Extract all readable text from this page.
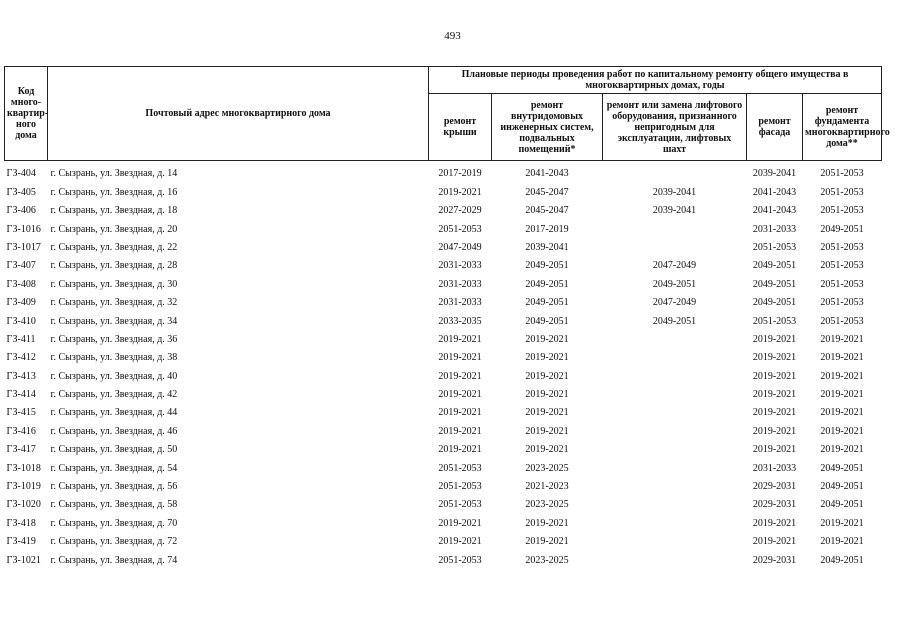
493
Код много-квартир-ного дома	Почтовый адрес многоквартирного дома	Плановые периоды проведения работ по капитальному ремонту общего имущества в многоквартирных домах, годы				
		ремонт крыши	ремонт внутридомовых инженерных систем, подвальных помещений*	ремонт или замена лифтового оборудования, признанного непригодным для эксплуатации, лифтовых шахт	ремонт фасада	ремонт фундамента многоквартирного дома**
ГЗ-404	г. Сызрань, ул. Звездная, д. 14	2017-2019	2041-2043		2039-2041	2051-2053
ГЗ-405	г. Сызрань, ул. Звездная, д. 16	2019-2021	2045-2047	2039-2041	2041-2043	2051-2053
ГЗ-406	г. Сызрань, ул. Звездная, д. 18	2027-2029	2045-2047	2039-2041	2041-2043	2051-2053
ГЗ-1016	г. Сызрань, ул. Звездная, д. 20	2051-2053	2017-2019		2031-2033	2049-2051
ГЗ-1017	г. Сызрань, ул. Звездная, д. 22	2047-2049	2039-2041		2051-2053	2051-2053
ГЗ-407	г. Сызрань, ул. Звездная, д. 28	2031-2033	2049-2051	2047-2049	2049-2051	2051-2053
ГЗ-408	г. Сызрань, ул. Звездная, д. 30	2031-2033	2049-2051	2049-2051	2049-2051	2051-2053
ГЗ-409	г. Сызрань, ул. Звездная, д. 32	2031-2033	2049-2051	2047-2049	2049-2051	2051-2053
ГЗ-410	г. Сызрань, ул. Звездная, д. 34	2033-2035	2049-2051	2049-2051	2051-2053	2051-2053
ГЗ-411	г. Сызрань, ул. Звездная, д. 36	2019-2021	2019-2021		2019-2021	2019-2021
ГЗ-412	г. Сызрань, ул. Звездная, д. 38	2019-2021	2019-2021		2019-2021	2019-2021
ГЗ-413	г. Сызрань, ул. Звездная, д. 40	2019-2021	2019-2021		2019-2021	2019-2021
ГЗ-414	г. Сызрань, ул. Звездная, д. 42	2019-2021	2019-2021		2019-2021	2019-2021
ГЗ-415	г. Сызрань, ул. Звездная, д. 44	2019-2021	2019-2021		2019-2021	2019-2021
ГЗ-416	г. Сызрань, ул. Звездная, д. 46	2019-2021	2019-2021		2019-2021	2019-2021
ГЗ-417	г. Сызрань, ул. Звездная, д. 50	2019-2021	2019-2021		2019-2021	2019-2021
ГЗ-1018	г. Сызрань, ул. Звездная, д. 54	2051-2053	2023-2025		2031-2033	2049-2051
ГЗ-1019	г. Сызрань, ул. Звездная, д. 56	2051-2053	2021-2023		2029-2031	2049-2051
ГЗ-1020	г. Сызрань, ул. Звездная, д. 58	2051-2053	2023-2025		2029-2031	2049-2051
ГЗ-418	г. Сызрань, ул. Звездная, д. 70	2019-2021	2019-2021		2019-2021	2019-2021
ГЗ-419	г. Сызрань, ул. Звездная, д. 72	2019-2021	2019-2021		2019-2021	2019-2021
ГЗ-1021	г. Сызрань, ул. Звездная, д. 74	2051-2053	2023-2025		2029-2031	2049-2051
